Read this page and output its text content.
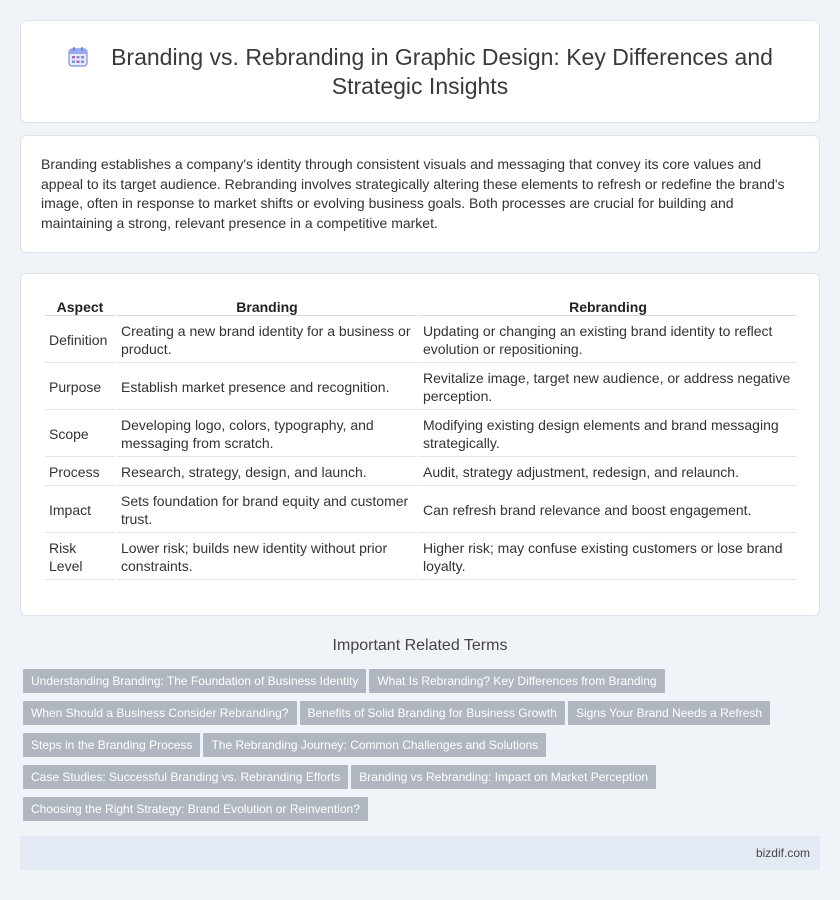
Branding vs. Rebranding in Graphic Design: Key Differences and Strategic Insights

Branding establishes a company's identity through consistent visuals and messaging that convey its core values and appeal to its target audience. Rebranding involves strategically altering these elements to refresh or redefine the brand's image, often in response to market shifts or evolving business goals. Both processes are crucial for building and maintaining a strong, relevant presence in a competitive market.

Aspect	Branding	Rebranding
Definition	Creating a new brand identity for a business or product.	Updating or changing an existing brand identity to reflect evolution or repositioning.
Purpose	Establish market presence and recognition.	Revitalize image, target new audience, or address negative perception.
Scope	Developing logo, colors, typography, and messaging from scratch.	Modifying existing design elements and brand messaging strategically.
Process	Research, strategy, design, and launch.	Audit, strategy adjustment, redesign, and relaunch.
Impact	Sets foundation for brand equity and customer trust.	Can refresh brand relevance and boost engagement.
Risk Level	Lower risk; builds new identity without prior constraints.	Higher risk; may confuse existing customers or lose brand loyalty.
Important Related Terms
Understanding Branding: The Foundation of Business Identity What Is Rebranding? Key Differences from Branding
When Should a Business Consider Rebranding? Benefits of Solid Branding for Business Growth Signs Your Brand Needs a Refresh
Steps in the Branding Process The Rebranding Journey: Common Challenges and Solutions
Case Studies: Successful Branding vs. Rebranding Efforts Branding vs Rebranding: Impact on Market Perception
Choosing the Right Strategy: Brand Evolution or Reinvention?
bizdif.com
